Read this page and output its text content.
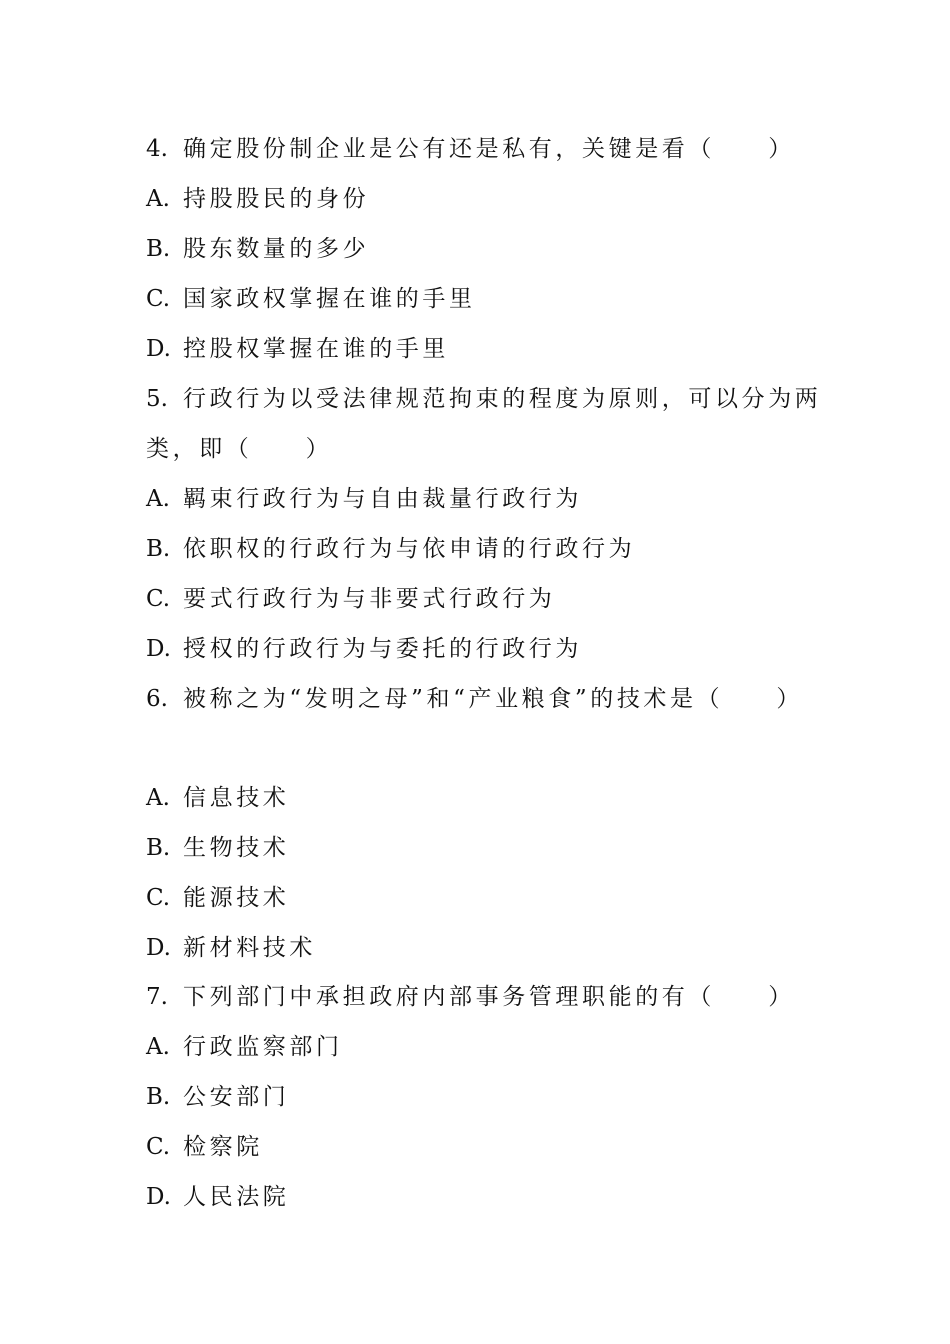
4. 确定股份制企业是公有还是私有，关键是看（　　）
A. 持股股民的身份
B. 股东数量的多少
C. 国家政权掌握在谁的手里
D. 控股权掌握在谁的手里
5. 行政行为以受法律规范拘束的程度为原则，可以分为两
类，即（　　）
A. 羁束行政行为与自由裁量行政行为
B. 依职权的行政行为与依申请的行政行为
C. 要式行政行为与非要式行政行为
D. 授权的行政行为与委托的行政行为
6. 被称之为“发明之母”和“产业粮食”的技术是（　　）
A. 信息技术
B. 生物技术
C. 能源技术
D. 新材料技术
7. 下列部门中承担政府内部事务管理职能的有（　　）
A. 行政监察部门
B. 公安部门
C. 检察院
D. 人民法院
